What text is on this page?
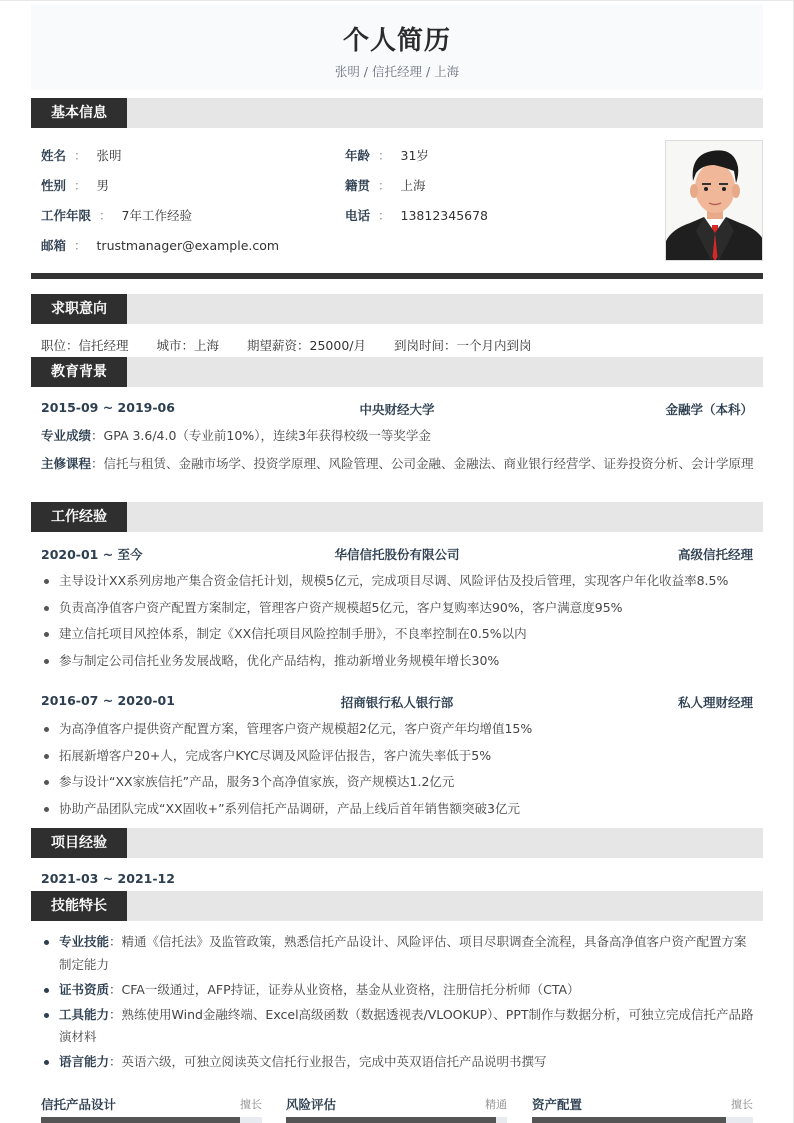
个人简历
张明 / 信托经理 / 上海
基本信息
姓名 ： 张明
性别 ： 男
工作年限 ： 7年工作经验
邮箱 ： trustmanager@example.com
年龄 ： 31岁
籍贯 ： 上海
电话 ： 13812345678
求职意向
职位：信托经理 城市：上海 期望薪资：25000/月 到岗时间：一个月内到岗
教育背景
2015-09 ~ 2019-06	中央财经大学	金融学（本科）
专业成绩：GPA 3.6/4.0（专业前10%），连续3年获得校级一等奖学金
主修课程：信托与租赁、金融市场学、投资学原理、风险管理、公司金融、金融法、商业银行经营学、证券投资分析、会计学原理
工作经验
2020-01 ~ 至今	华信信托股份有限公司	高级信托经理
主导设计XX系列房地产集合资金信托计划，规模5亿元，完成项目尽调、风险评估及投后管理，实现客户年化收益率8.5%
负责高净值客户资产配置方案制定，管理客户资产规模超5亿元，客户复购率达90%，客户满意度95%
建立信托项目风控体系，制定《XX信托项目风险控制手册》，不良率控制在0.5%以内
参与制定公司信托业务发展战略，优化产品结构，推动新增业务规模年增长30%
2016-07 ~ 2020-01	招商银行私人银行部	私人理财经理
为高净值客户提供资产配置方案，管理客户资产规模超2亿元，客户资产年均增值15%
拓展新增客户20+人，完成客户KYC尽调及风险评估报告，客户流失率低于5%
参与设计“XX家族信托”产品，服务3个高净值家族，资产规模达1.2亿元
协助产品团队完成“XX固收+”系列信托产品调研，产品上线后首年销售额突破3亿元
项目经验
2021-03 ~ 2021-12
技能特长
专业技能：精通《信托法》及监管政策，熟悉信托产品设计、风险评估、项目尽职调查全流程，具备高净值客户资产配置方案制定能力
证书资质：CFA一级通过，AFP持证，证券从业资格，基金从业资格，注册信托分析师（CTA）
工具能力：熟练使用Wind金融终端、Excel高级函数（数据透视表/VLOOKUP）、PPT制作与数据分析，可独立完成信托产品路演材料
语言能力：英语六级，可独立阅读英文信托行业报告，完成中英双语信托产品说明书撰写
信托产品设计	擅长 风险评估	精通 资产配置	擅长
